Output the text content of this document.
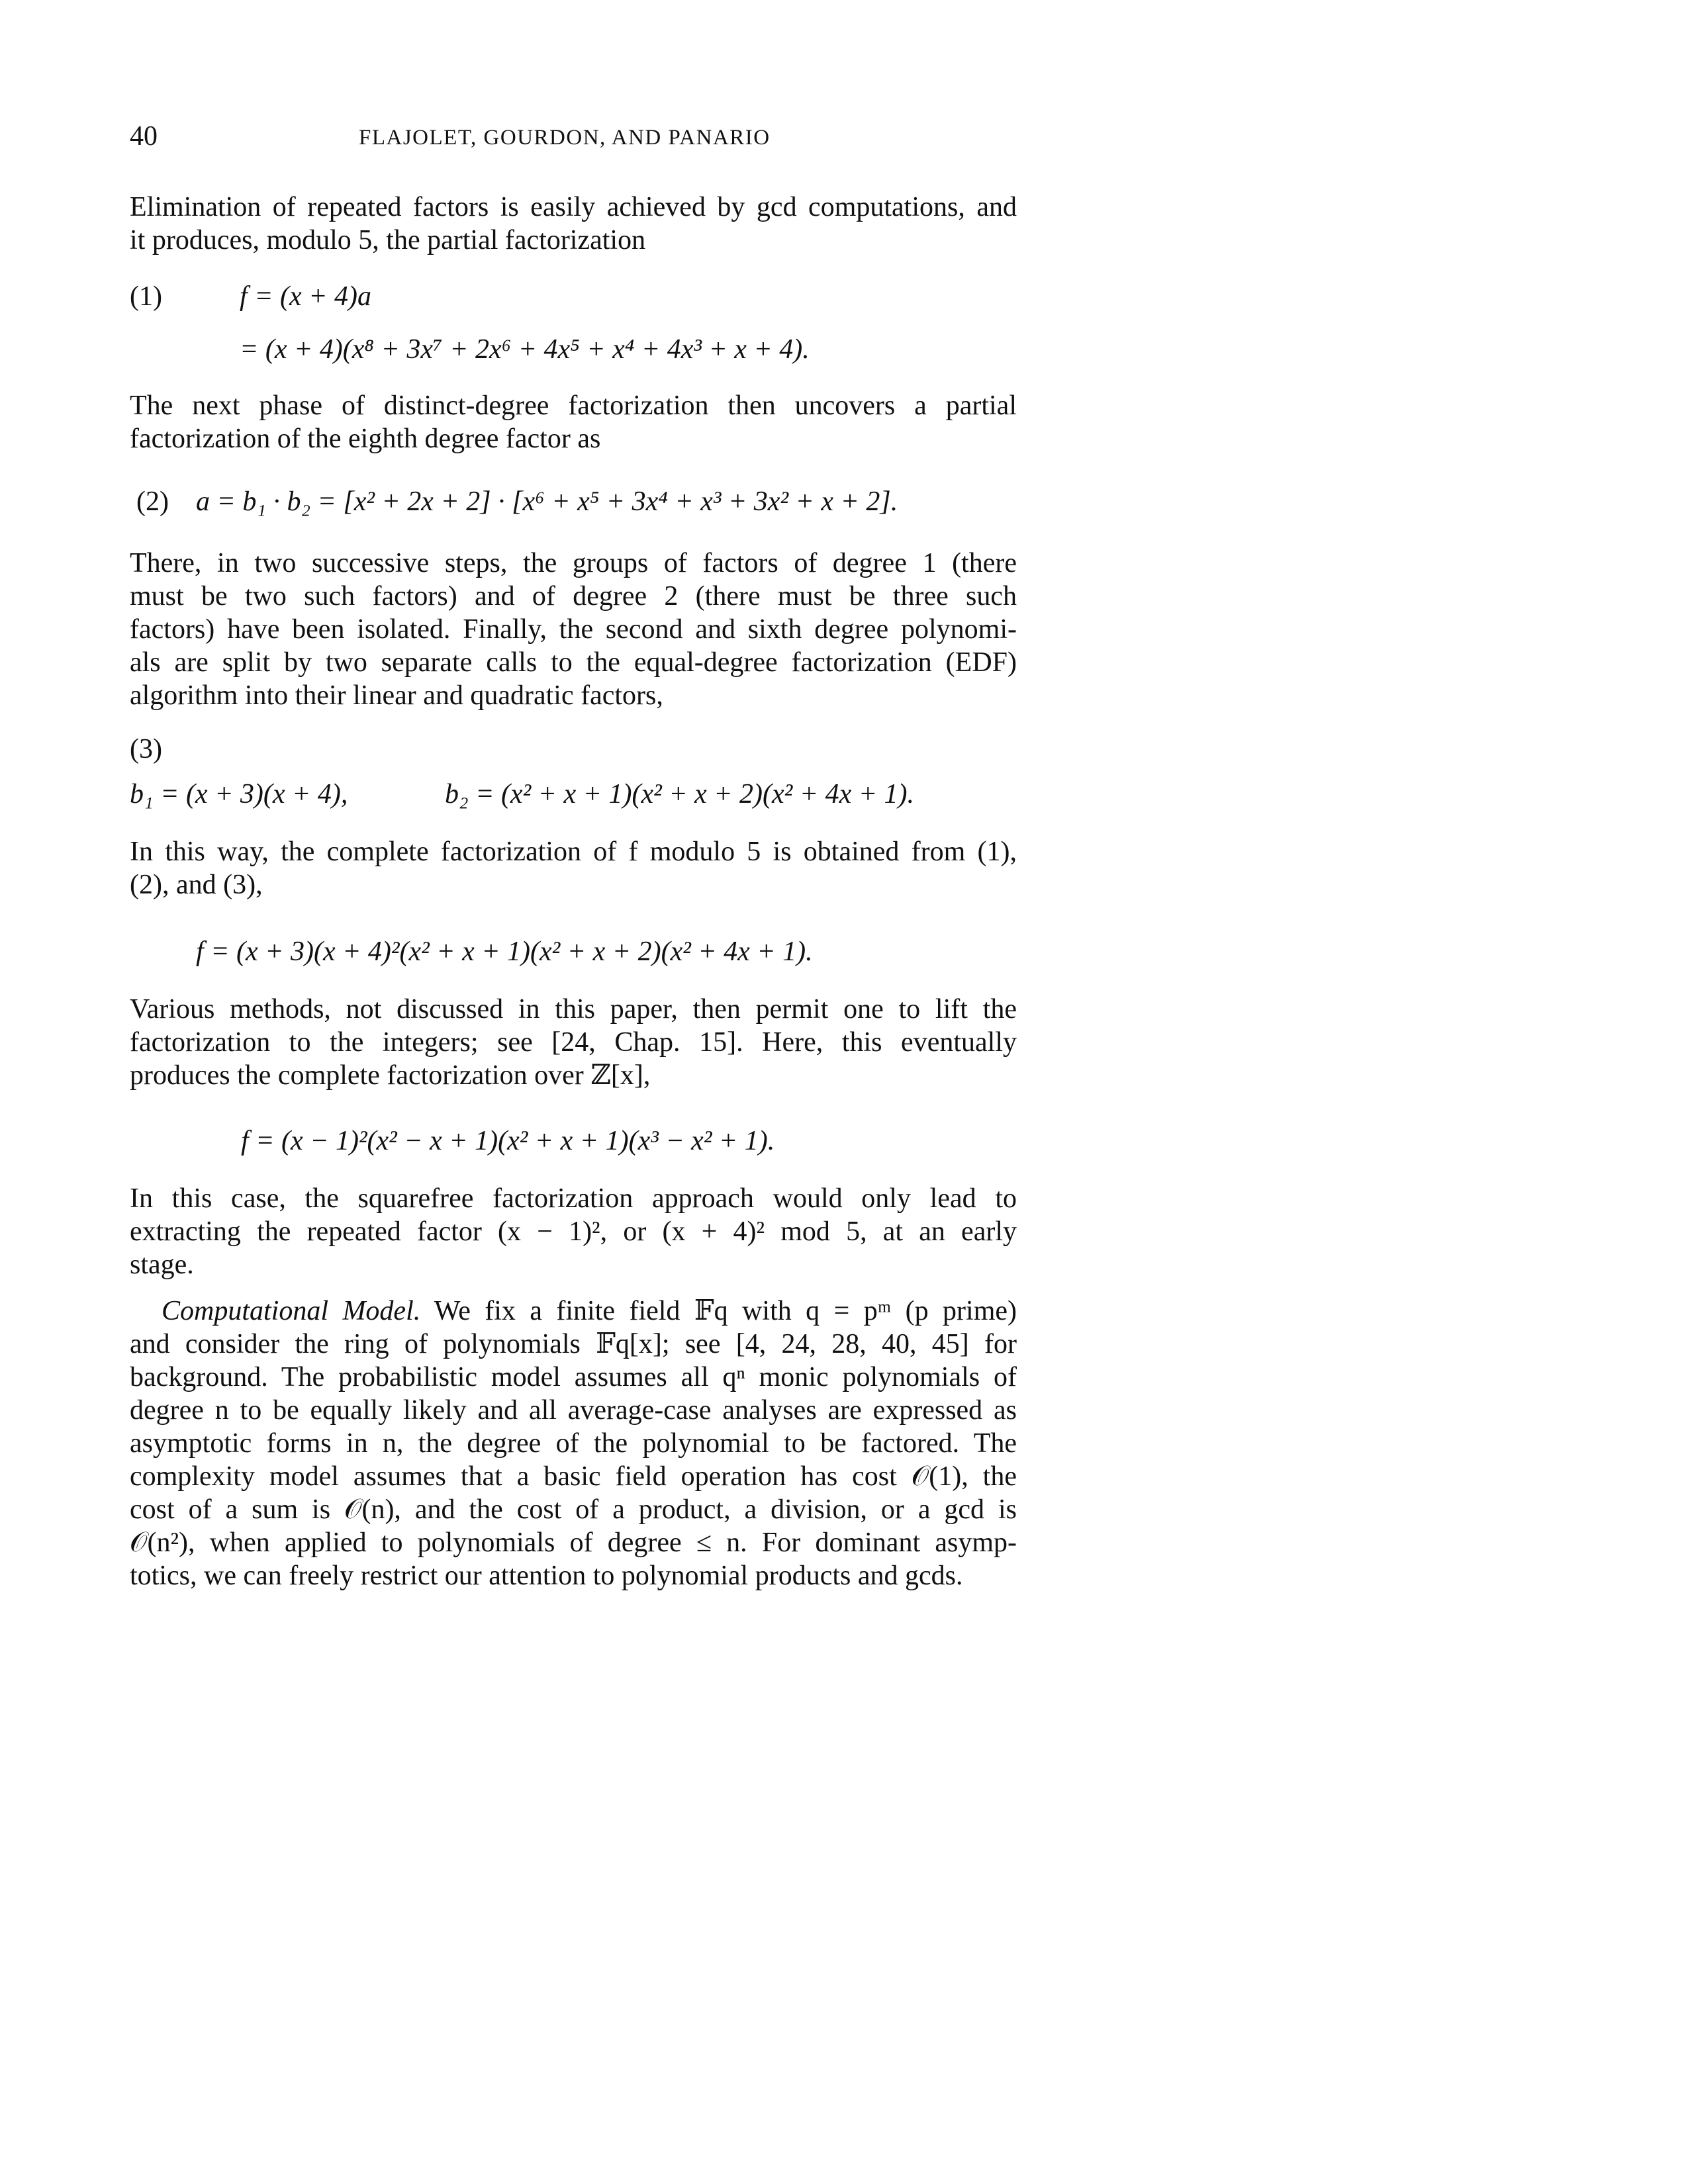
40	FLAJOLET, GOURDON, AND PANARIO
Elimination of repeated factors is easily achieved by gcd computations, and
it produces, modulo 5, the partial factorization
(1)	f = (x + 4)a
= (x + 4)(x⁸ + 3x⁷ + 2x⁶ + 4x⁵ + x⁴ + 4x³ + x + 4).
The next phase of distinct-degree factorization then uncovers a partial
factorization of the eighth degree factor as
(2) a = b₁ · b₂ = [x² + 2x + 2] · [x⁶ + x⁵ + 3x⁴ + x³ + 3x² + x + 2].
There, in two successive steps, the groups of factors of degree 1 (there
must be two such factors) and of degree 2 (there must be three such
factors) have been isolated. Finally, the second and sixth degree polynomi-
als are split by two separate calls to the equal-degree factorization (EDF)
algorithm into their linear and quadratic factors,
(3)
b₁ = (x + 3)(x + 4),	b₂ = (x² + x + 1)(x² + x + 2)(x² + 4x + 1).
In this way, the complete factorization of f modulo 5 is obtained from (1),
(2), and (3),
f = (x + 3)(x + 4)²(x² + x + 1)(x² + x + 2)(x² + 4x + 1).
Various methods, not discussed in this paper, then permit one to lift the
factorization to the integers; see [24, Chap. 15]. Here, this eventually
produces the complete factorization over ℤ[x],
f = (x − 1)²(x² − x + 1)(x² + x + 1)(x³ − x² + 1).
In this case, the squarefree factorization approach would only lead to
extracting the repeated factor (x − 1)², or (x + 4)² mod 5, at an early
stage.
Computational Model. We fix a finite field 𝔽q with q = pᵐ (p prime)
and consider the ring of polynomials 𝔽q[x]; see [4, 24, 28, 40, 45] for
background. The probabilistic model assumes all qⁿ monic polynomials of
degree n to be equally likely and all average-case analyses are expressed as
asymptotic forms in n, the degree of the polynomial to be factored. The
complexity model assumes that a basic field operation has cost 𝒪(1), the
cost of a sum is 𝒪(n), and the cost of a product, a division, or a gcd is
𝒪(n²), when applied to polynomials of degree ≤ n. For dominant asymp-
totics, we can freely restrict our attention to polynomial products and gcds.
